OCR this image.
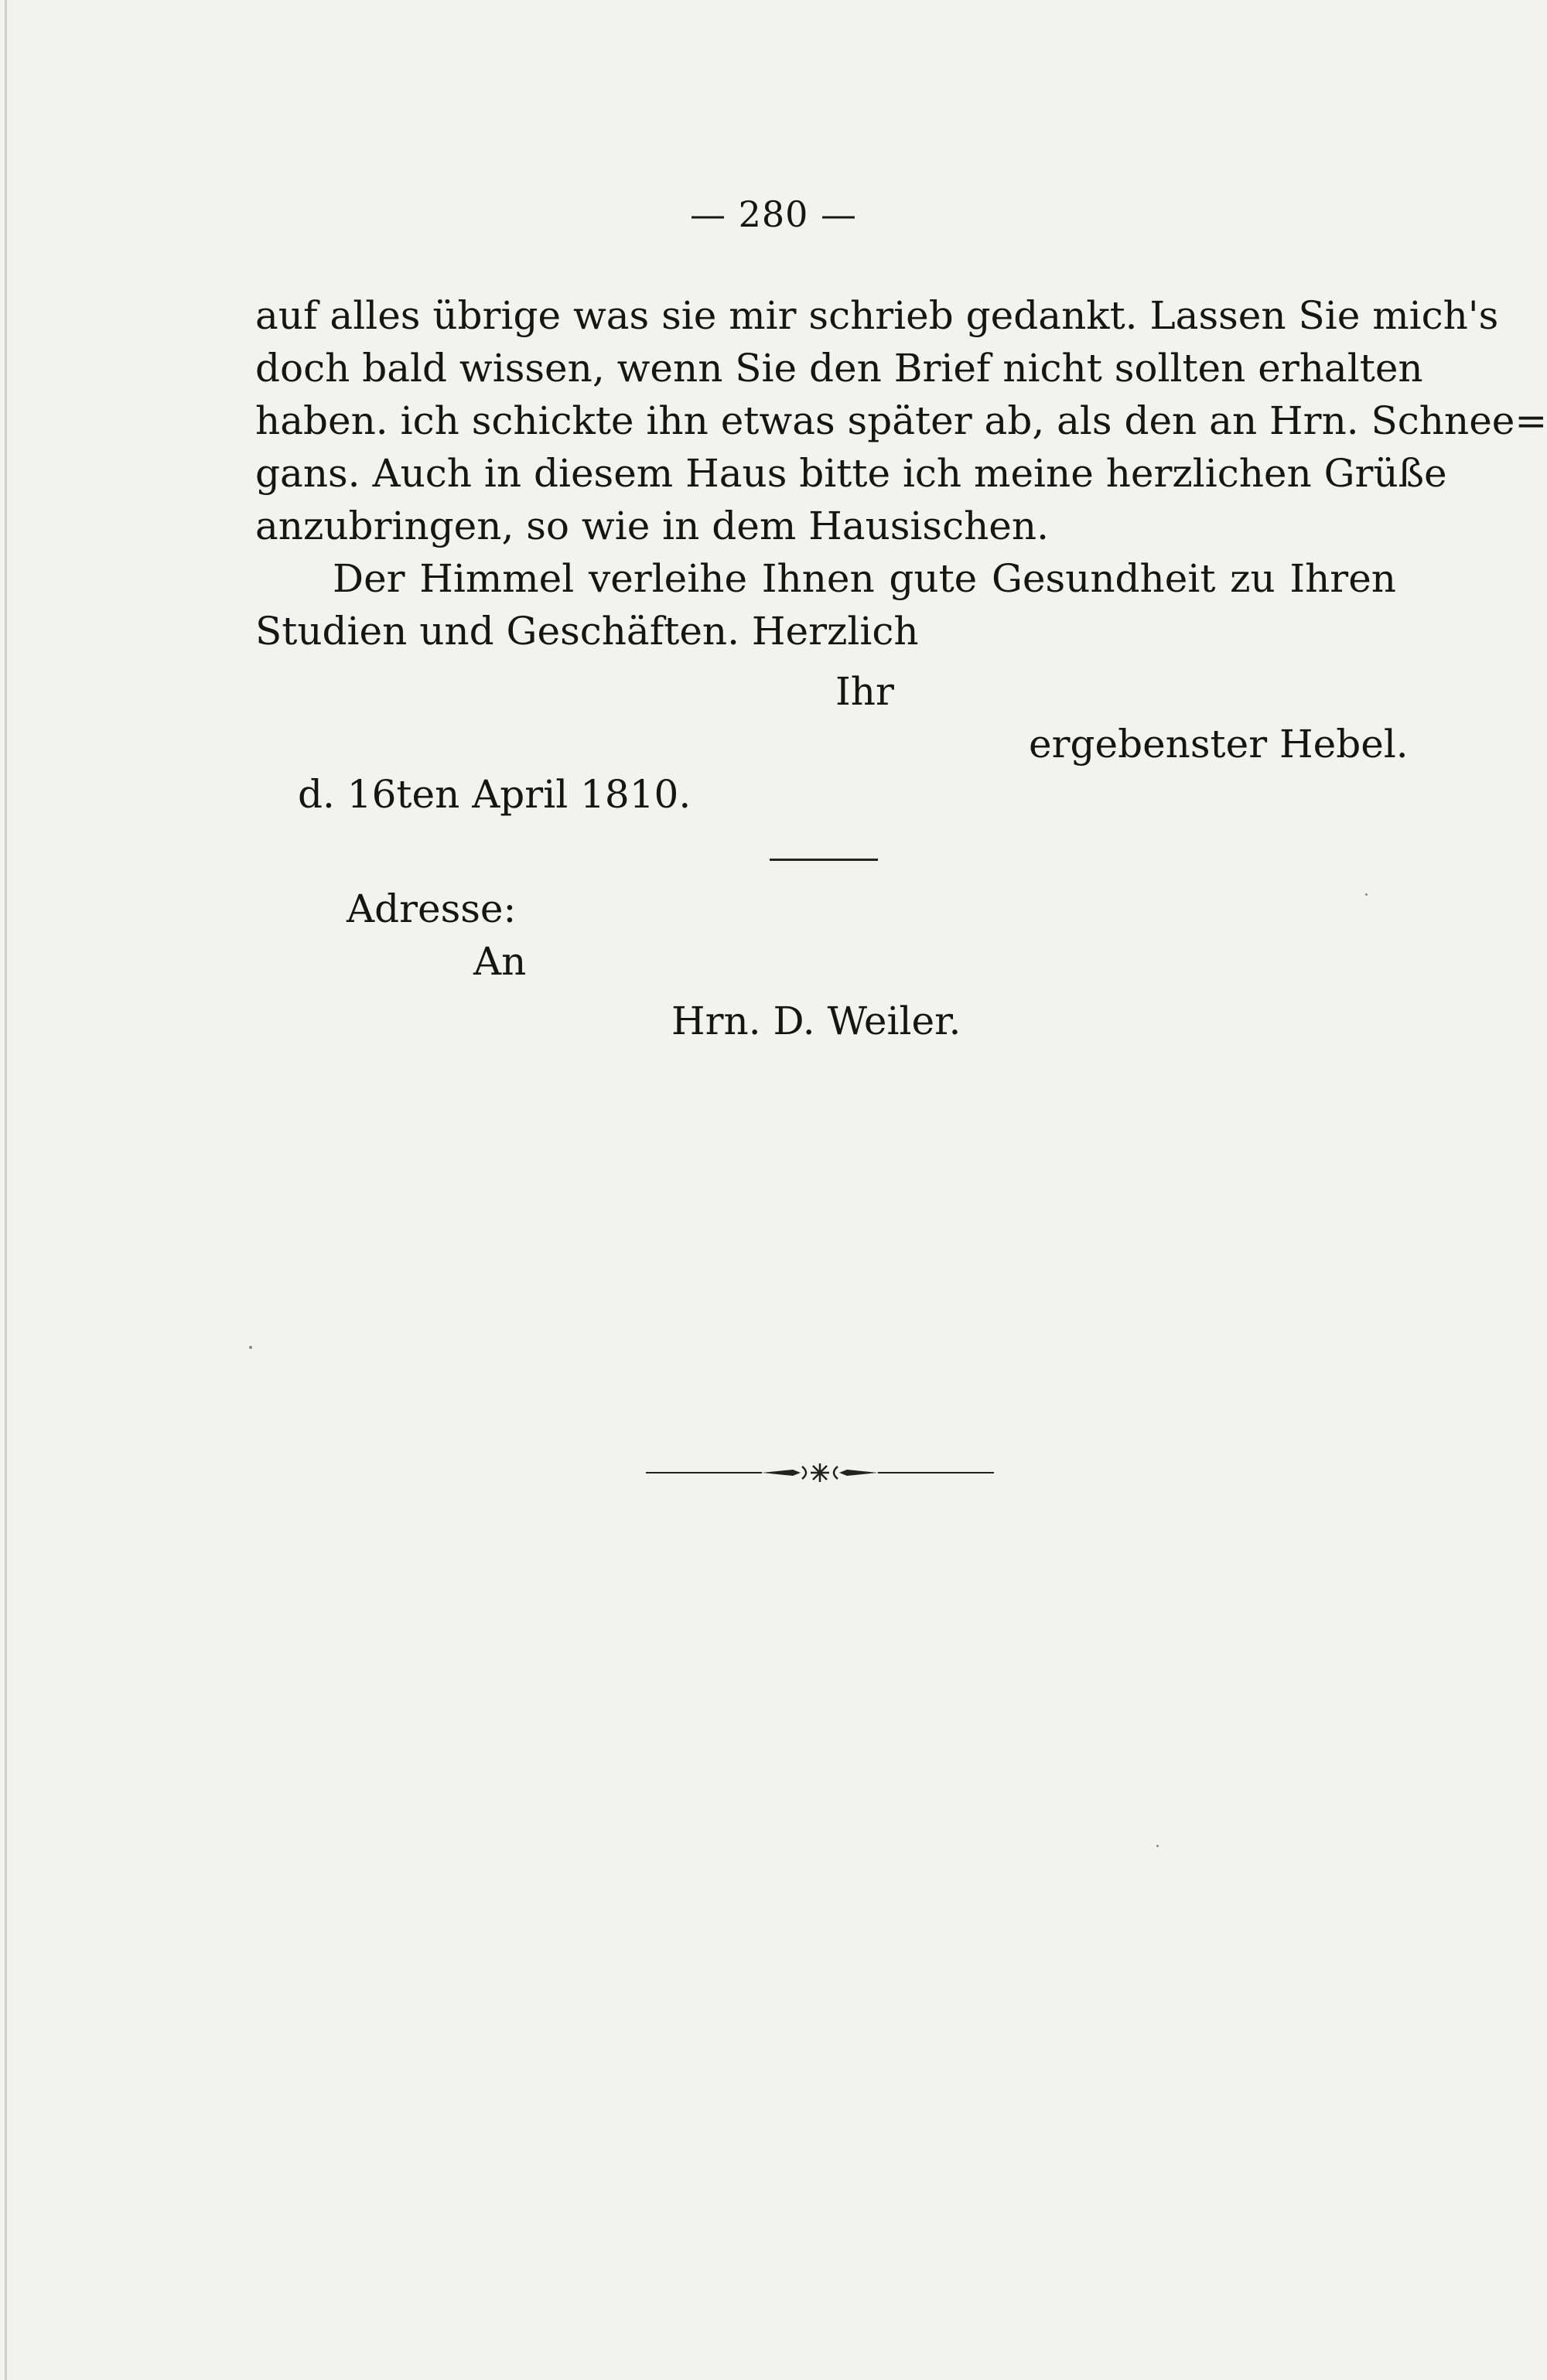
— 280 —
auf alles übrige was sie mir schrieb gedankt. Lassen Sie mich's
doch bald wissen, wenn Sie den Brief nicht sollten erhalten
haben. ich schickte ihn etwas später ab, als den an Hrn. Schnee=
gans. Auch in diesem Haus bitte ich meine herzlichen Grüße
anzubringen, so wie in dem Hausischen.
Der Himmel verleihe Ihnen gute Gesundheit zu Ihren
Studien und Geschäften. Herzlich
Ihr
ergebenster Hebel.
d. 16ten April 1810.
Adresse:
An
Hrn. D. Weiler.
